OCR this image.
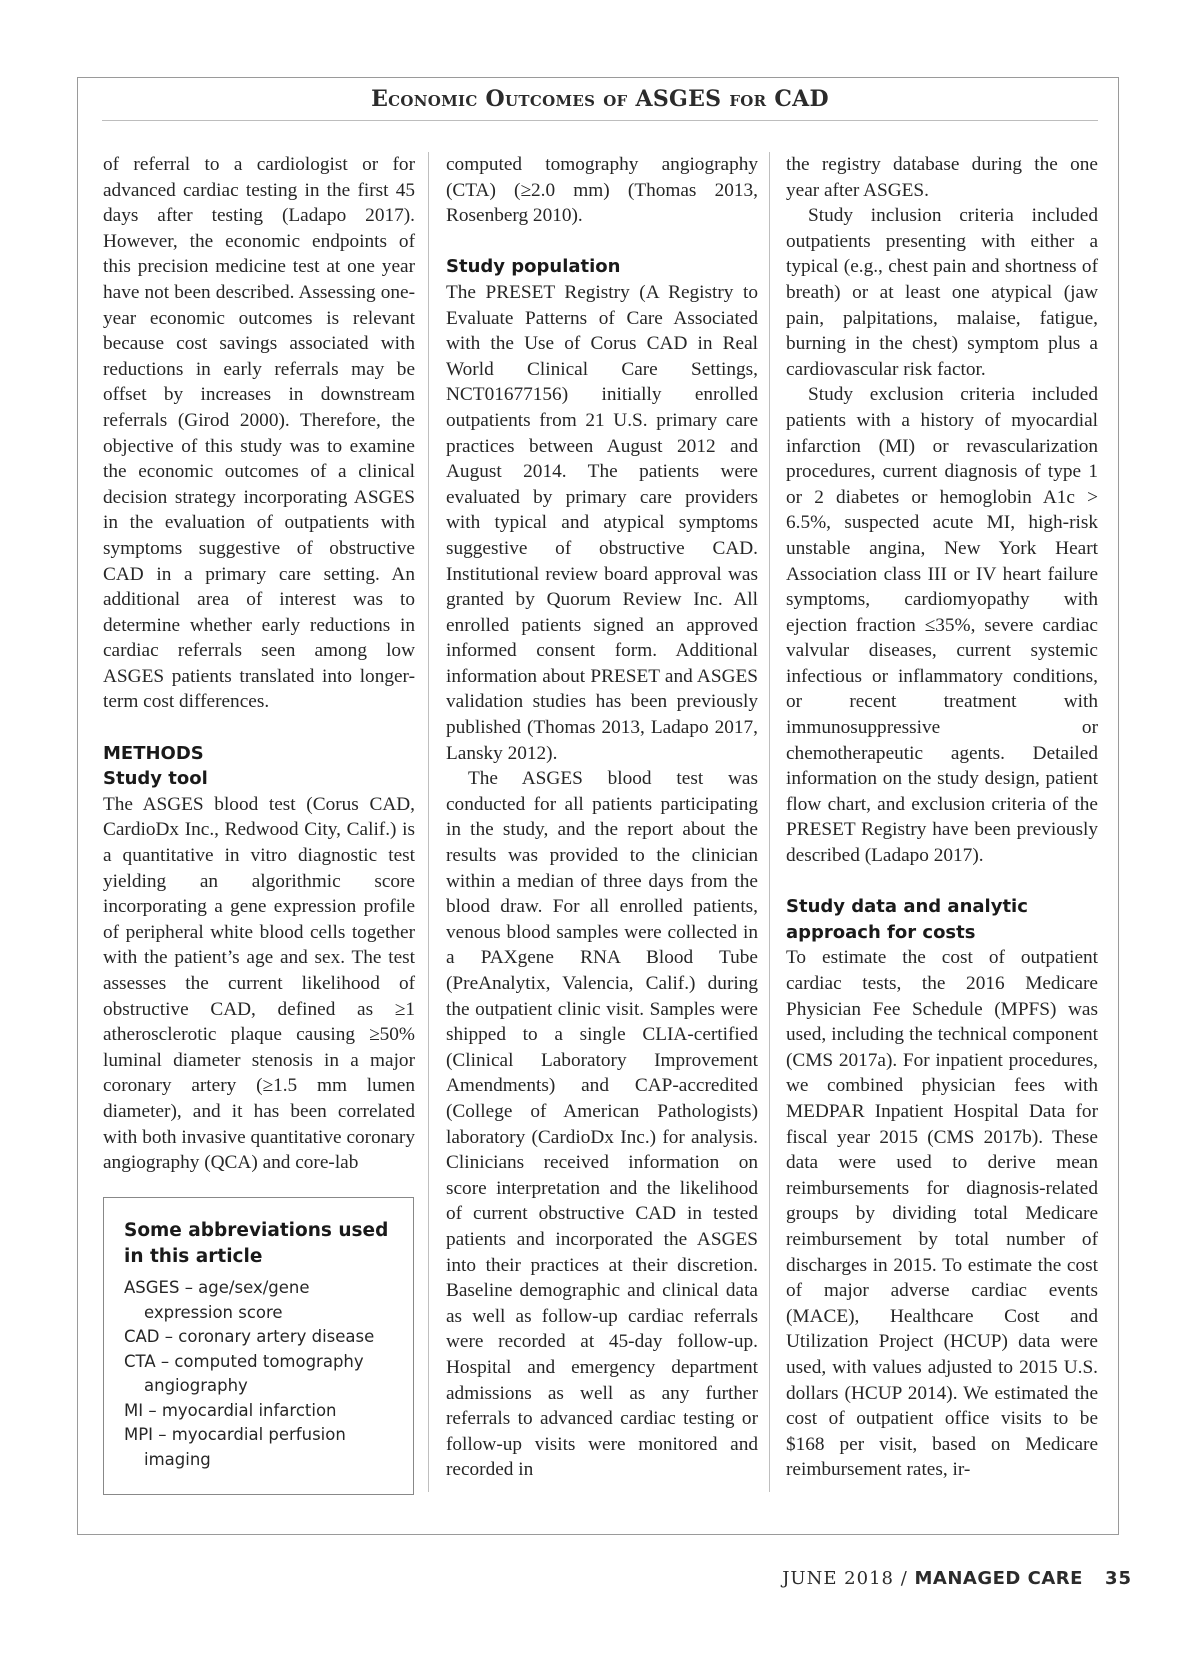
Economic Outcomes of ASGES for CAD

of referral to a cardiologist or for advanced cardiac testing in the first 45 days after testing (Ladapo 2017). However, the economic endpoints of this precision medicine test at one year have not been described. Assessing one-year economic outcomes is relevant because cost savings associated with reductions in early referrals may be offset by increases in downstream referrals (Girod 2000). Therefore, the objective of this study was to examine the economic outcomes of a clinical decision strategy incorporating ASGES in the evaluation of outpatients with symptoms suggestive of obstructive CAD in a primary care setting. An additional area of interest was to determine whether early reductions in cardiac referrals seen among low ASGES patients translated into longer-term cost differences.

METHODS

Study tool

The ASGES blood test (Corus CAD, CardioDx Inc., Redwood City, Calif.) is a quantitative in vitro diagnostic test yielding an algorithmic score incorporating a gene expression profile of peripheral white blood cells together with the patient’s age and sex. The test assesses the current likelihood of obstructive CAD, defined as ≥1 atherosclerotic plaque causing ≥50% luminal diameter stenosis in a major coronary artery (≥1.5 mm lumen diameter), and it has been correlated with both invasive quantitative coronary angiography (QCA) and core-lab

computed tomography angiography (CTA) (≥2.0 mm) (Thomas 2013, Rosenberg 2010).

Study population

The PRESET Registry (A Registry to Evaluate Patterns of Care Associated with the Use of Corus CAD in Real World Clinical Care Settings, NCT01677156) initially enrolled outpatients from 21 U.S. primary care practices between August 2012 and August 2014. The patients were evaluated by primary care providers with typical and atypical symptoms suggestive of obstructive CAD. Institutional review board approval was granted by Quorum Review Inc. All enrolled patients signed an approved informed consent form. Additional information about PRESET and ASGES validation studies has been previously published (Thomas 2013, Ladapo 2017, Lansky 2012).

The ASGES blood test was conducted for all patients participating in the study, and the report about the results was provided to the clinician within a median of three days from the blood draw. For all enrolled patients, venous blood samples were collected in a PAXgene RNA Blood Tube (PreAnalytix, Valencia, Calif.) during the outpatient clinic visit. Samples were shipped to a single CLIA-certified (Clinical Laboratory Improvement Amendments) and CAP-accredited (College of American Pathologists) laboratory (CardioDx Inc.) for analysis. Clinicians received information on score interpretation and the likelihood of current obstructive CAD in tested patients and incorporated the ASGES into their practices at their discretion. Baseline demographic and clinical data as well as follow-up cardiac referrals were recorded at 45-day follow-up. Hospital and emergency department admissions as well as any further referrals to advanced cardiac testing or follow-up visits were monitored and recorded in

the registry database during the one year after ASGES.

Study inclusion criteria included outpatients presenting with either a typical (e.g., chest pain and shortness of breath) or at least one atypical (jaw pain, palpitations, malaise, fatigue, burning in the chest) symptom plus a cardiovascular risk factor.

Study exclusion criteria included patients with a history of myocardial infarction (MI) or revascularization procedures, current diagnosis of type 1 or 2 diabetes or hemoglobin A1c > 6.5%, suspected acute MI, high-risk unstable angina, New York Heart Association class III or IV heart failure symptoms, cardiomyopathy with ejection fraction ≤35%, severe cardiac valvular diseases, current systemic infectious or inflammatory conditions, or recent treatment with immunosuppressive or chemotherapeutic agents. Detailed information on the study design, patient flow chart, and exclusion criteria of the PRESET Registry have been previously described (Ladapo 2017).

Study data and analytic approach for costs

To estimate the cost of outpatient cardiac tests, the 2016 Medicare Physician Fee Schedule (MPFS) was used, including the technical component (CMS 2017a). For inpatient procedures, we combined physician fees with MEDPAR Inpatient Hospital Data for fiscal year 2015 (CMS 2017b). These data were used to derive mean reimbursements for diagnosis-related groups by dividing total Medicare reimbursement by total number of discharges in 2015. To estimate the cost of major adverse cardiac events (MACE), Healthcare Cost and Utilization Project (HCUP) data were used, with values adjusted to 2015 U.S. dollars (HCUP 2014). We estimated the cost of outpatient office visits to be $168 per visit, based on Medicare reimbursement rates, ir-

Some abbreviations used in this article

ASGES – age/sex/gene expression score

CAD – coronary artery disease

CTA – computed tomography angiography

MI – myocardial infarction

MPI – myocardial perfusion imaging

JUNE 2018 / MANAGED CARE 35
